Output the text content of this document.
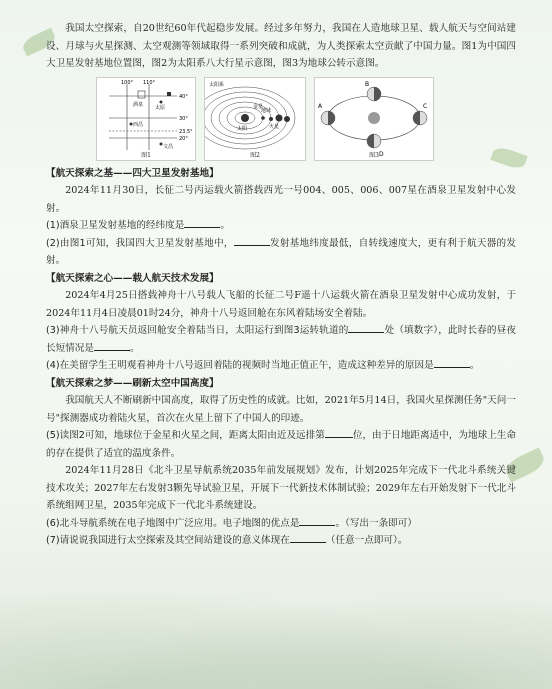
我国太空探索，自20世纪60年代起稳步发展。经过多年努力，我国在人造地球卫星、载人航天与空间站建设、月球与火星探测、太空观测等领域取得一系列突破和成就，为人类探索太空贡献了中国力量。图1为中国四大卫星发射基地位置图，图2为太阳系八大行星示意图，图3为地球公转示意图。

100° 110°
40°
30°
23.5°
20°
酒泉 太原
西昌
文昌
图1
太阳系
太阳
地球
火星
金星
图2
B
C
D
A
图3

【航天探索之基——四大卫星发射基地】

2024年11月30日，长征二号丙运载火箭搭载西光一号004、005、006、007星在酒泉卫星发射中心发射。

(1)酒泉卫星发射基地的经纬度是	。

(2)由图1可知，我国四大卫星发射基地中，	发射基地纬度最低，自转线速度大，更有利于航天器的发射。

【航天探索之心——载人航天技术发展】

2024年4月25日搭载神舟十八号载人飞船的长征二号F遥十八运载火箭在酒泉卫星发射中心成功发射，于2024年11月4日凌晨01时24分，神舟十八号返回舱在东风着陆场安全着陆。

(3)神舟十八号航天员返回舱安全着陆当日，太阳运行到图3运转轨道的	处（填数字），此时长春的昼夜长短情况是	。

(4)在美留学生王明观看神舟十八号返回着陆的视频时当地正值正午，造成这种差异的原因是	。

【航天探索之梦——刷新太空中国高度】

我国航天人不断刷新中国高度，取得了历史性的成就。比如，2021年5月14日，我国火星探测任务"天问一号"探测器成功着陆火星，首次在火星上留下了中国人的印迹。

(5)读图2可知，地球位于金星和火星之间，距离太阳由近及远排第	位，由于日地距离适中，为地球上生命的存在提供了适宜的温度条件。

2024年11月28日《北斗卫星导航系统2035年前发展规划》发布，计划2025年完成下一代北斗系统关键技术攻关；2027年左右发射3颗先导试验卫星，开展下一代新技术体制试验；2029年左右开始发射下一代北斗系统组网卫星，2035年完成下一代北斗系统建设。

(6)北斗导航系统在电子地图中广泛应用。电子地图的优点是	。（写出一条即可）

(7)请说说我国进行太空探索及其空间站建设的意义体现在	（任意一点即可）。
